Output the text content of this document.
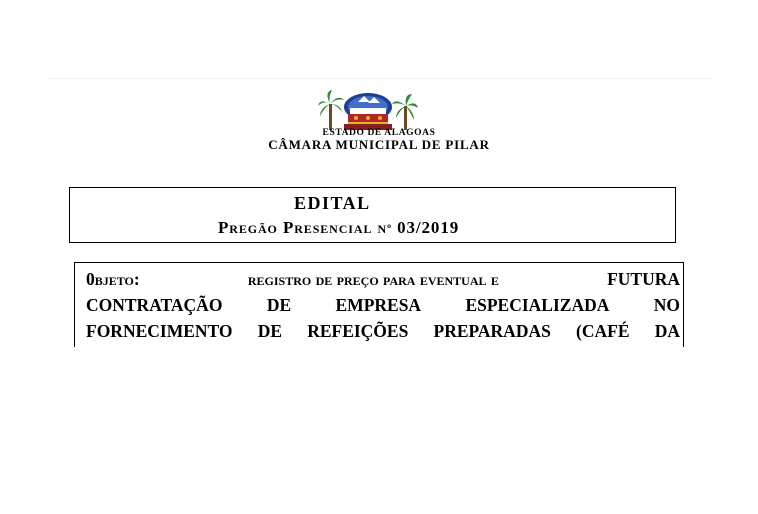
ESTADO DE ALAGOAS
CÂMARA MUNICIPAL DE PILAR
EDITAL
Pregão Presencial Nº 03/2019
0bjeto:	registro de preço para eventual e	FUTURA
CONTRATAÇÃO	DE	EMPRESA	ESPECIALIZADA	NO
FORNECIMENTO DE REFEIÇÕES PREPARADAS (CAFÉ DA
